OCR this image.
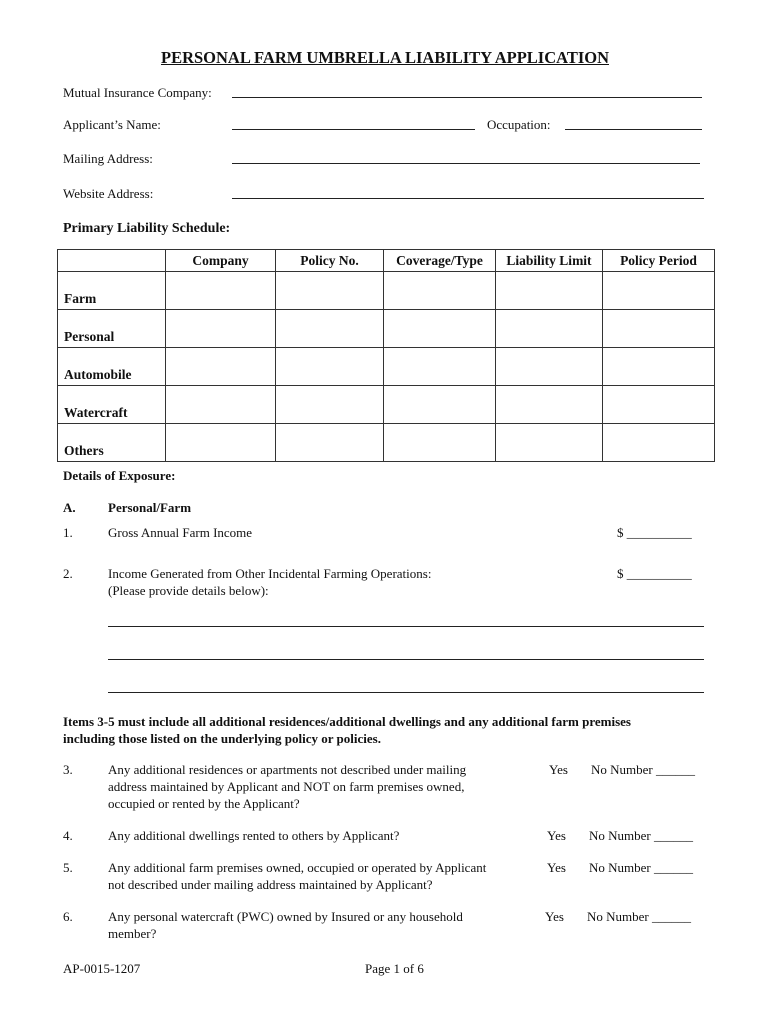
PERSONAL FARM UMBRELLA LIABILITY APPLICATION
Mutual Insurance Company:
Applicant’s Name:	Occupation:
Mailing Address:
Website Address:
Primary Liability Schedule:
	Company	Policy No.	Coverage/Type	Liability Limit	Policy Period
Farm					
Personal					
Automobile					
Watercraft					
Others					
Details of Exposure:
A. Personal/Farm
1.	Gross Annual Farm Income	$ __________
2.	Income Generated from Other Incidental Farming Operations:
(Please provide details below):
$ __________
Items 3-5 must include all additional residences/additional dwellings and any additional farm premises
including those listed on the underlying policy or policies.
3.	Any additional residences or apartments not described under mailing
address maintained by Applicant and NOT on farm premises owned,
occupied or rented by the Applicant?
Yes No Number ______
4.	Any additional dwellings rented to others by Applicant?	Yes No Number ______
5.	Any additional farm premises owned, occupied or operated by Applicant
not described under mailing address maintained by Applicant?
Yes No Number ______
6.	Any personal watercraft (PWC) owned by Insured or any household
member?
Yes No Number ______
AP-0015-1207	Page 1 of 6
